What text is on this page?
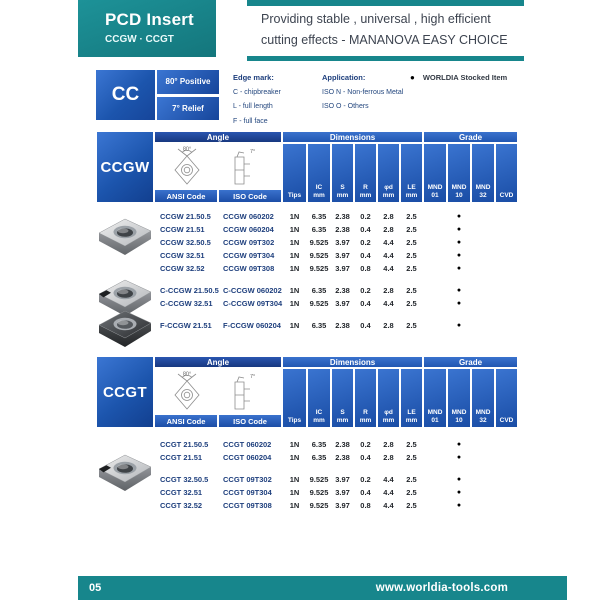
PCD Insert
CCGW · CCGT
Providing stable , universal , high efficient
cutting effects - MANANOVA EASY CHOICE
CC
80° Positive
7° Relief
Edge mark:
C - chipbreaker
L - full length
F - full face
Application:
ISO N - Non-ferrous Metal
ISO O - Others
● WORLDIA Stocked Item
CCGW
Angle	Dimensions	Grade
80°	7°
Tips
IC
mm
S
mm
R
mm
φd
mm
LE
mm
MND
01
MND
10
MND
32 CVD
ANSI Code	ISO Code
CCGW 21.50.5	CCGW 060202	1N	6.35	2.38	0.2	2.8	2.5	●
CCGW 21.51	CCGW 060204	1N	6.35	2.38	0.4	2.8	2.5	●
CCGW 32.50.5	CCGW 09T302	1N	9.525 3.97	0.2	4.4	2.5	●
CCGW 32.51	CCGW 09T304	1N	9.525 3.97	0.4	4.4	2.5	●
CCGW 32.52	CCGW 09T308	1N	9.525 3.97	0.8	4.4	2.5	●
C-CCGW 21.50.5 C-CCGW 060202	1N	6.35	2.38	0.2	2.8	2.5	●
C-CCGW 32.51	C-CCGW 09T304	1N	9.525 3.97	0.4	4.4	2.5	●
F-CCGW 21.51	F-CCGW 060204	1N	6.35	2.38	0.4	2.8	2.5	●
CCGT
Angle	Dimensions	Grade
80°	7°
Tips
IC
mm
S
mm
R
mm
φd
mm
LE
mm
MND
01
MND
10
MND
32 CVD
ANSI Code	ISO Code
CCGT 21.50.5	CCGT 060202	1N	6.35	2.38	0.2	2.8	2.5	●
CCGT 21.51	CCGT 060204	1N	6.35	2.38	0.4	2.8	2.5	●
CCGT 32.50.5	CCGT 09T302	1N	9.525 3.97	0.2	4.4	2.5	●
CCGT 32.51	CCGT 09T304	1N	9.525 3.97	0.4	4.4	2.5	●
CCGT 32.52	CCGT 09T308	1N	9.525 3.97	0.8	4.4	2.5	●
05	www.worldia-tools.com
